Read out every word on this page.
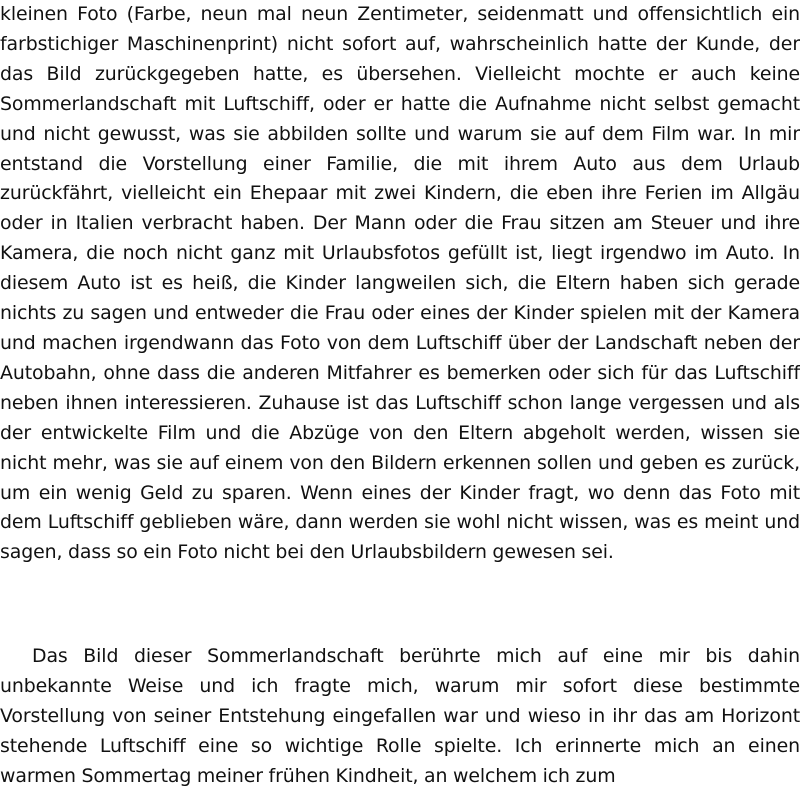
kleinen Foto (Farbe, neun mal neun Zentimeter, seidenmatt und offensichtlich ein farbstichiger Maschinenprint) nicht sofort auf, wahrscheinlich hatte der Kunde, der das Bild zurückgegeben hatte, es übersehen. Vielleicht mochte er auch keine Sommerlandschaft mit Luftschiff, oder er hatte die Aufnahme nicht selbst gemacht und nicht gewusst, was sie abbilden sollte und warum sie auf dem Film war. In mir entstand die Vorstellung einer Familie, die mit ihrem Auto aus dem Urlaub zurückfährt, vielleicht ein Ehepaar mit zwei Kindern, die eben ihre Ferien im Allgäu oder in Italien verbracht haben. Der Mann oder die Frau sitzen am Steuer und ihre Kamera, die noch nicht ganz mit Urlaubsfotos gefüllt ist, liegt irgendwo im Auto. In diesem Auto ist es heiß, die Kinder langweilen sich, die Eltern haben sich gerade nichts zu sagen und entweder die Frau oder eines der Kinder spielen mit der Kamera und machen irgendwann das Foto von dem Luftschiff über der Landschaft neben der Autobahn, ohne dass die anderen Mitfahrer es bemerken oder sich für das Luftschiff neben ihnen interessieren. Zuhause ist das Luftschiff schon lange vergessen und als der entwickelte Film und die Abzüge von den Eltern abgeholt werden, wissen sie nicht mehr, was sie auf einem von den Bildern erkennen sollen und geben es zurück, um ein wenig Geld zu sparen. Wenn eines der Kinder fragt, wo denn das Foto mit dem Luftschiff geblieben wäre, dann werden sie wohl nicht wissen, was es meint und sagen, dass so ein Foto nicht bei den Urlaubsbildern gewesen sei.

Das Bild dieser Sommerlandschaft berührte mich auf eine mir bis dahin unbekannte Weise und ich fragte mich, warum mir sofort diese bestimmte Vorstellung von seiner Entstehung eingefallen war und wieso in ihr das am Horizont stehende Luftschiff eine so wichtige Rolle spielte. Ich erinnerte mich an einen warmen Sommertag meiner frühen Kindheit, an welchem ich zum
